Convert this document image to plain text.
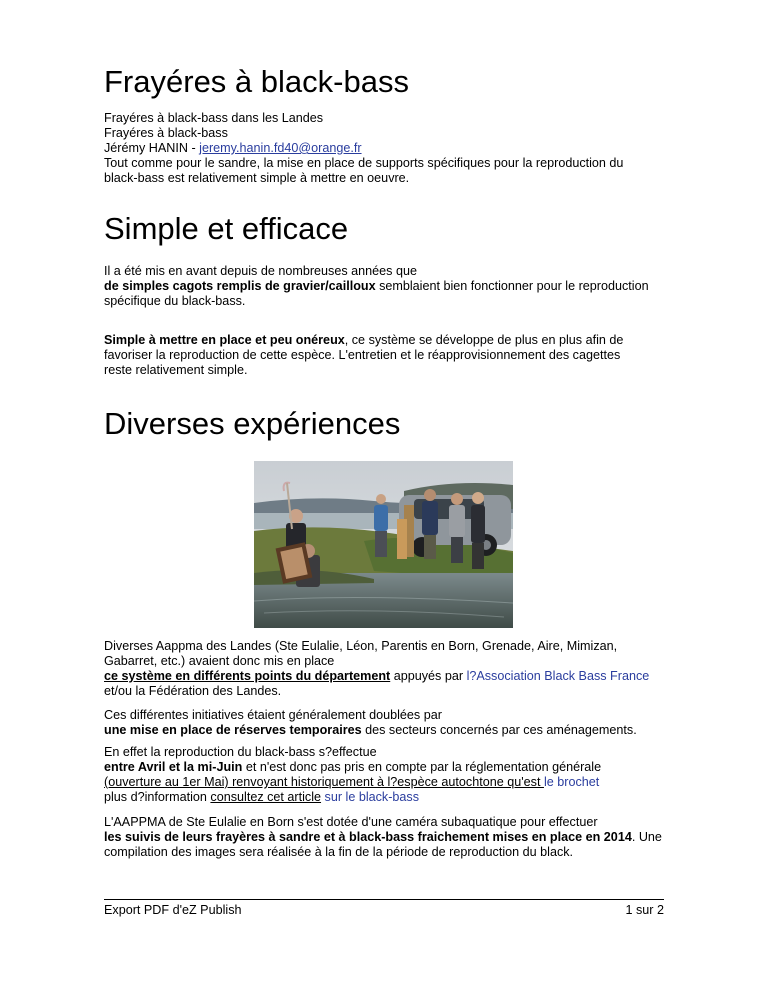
Frayéres à black-bass
Frayéres à black-bass dans les Landes
Frayéres à black-bass
Jérémy HANIN - jeremy.hanin.fd40@orange.fr
Tout comme pour le sandre, la mise en place de supports spécifiques pour la reproduction du
black-bass est relativement simple à mettre en oeuvre.
Simple et efficace
Il a été mis en avant depuis de nombreuses années que
de simples cagots remplis de gravier/cailloux semblaient bien fonctionner pour le reproduction
spécifique du black-bass.
Simple à mettre en place et peu onéreux, ce système se développe de plus en plus afin de
favoriser la reproduction de cette espèce. L'entretien et le réapprovisionnement des cagettes
reste relativement simple.
Diverses expériences
Diverses Aappma des Landes (Ste Eulalie, Léon, Parentis en Born, Grenade, Aire, Mimizan,
Gabarret, etc.) avaient donc mis en place
ce système en différents points du département appuyés par l?Association Black Bass France
et/ou la Fédération des Landes.
Ces différentes initiatives étaient généralement doublées par
une mise en place de réserves temporaires des secteurs concernés par ces aménagements.
En effet la reproduction du black-bass s?effectue
entre Avril et la mi-Juin et n'est donc pas pris en compte par la réglementation générale
(ouverture au 1er Mai) renvoyant historiquement à l?espèce autochtone qu'est le brochet
plus d?information consultez cet article sur le black-bass
L'AAPPMA de Ste Eulalie en Born s'est dotée d'une caméra subaquatique pour effectuer
les suivis de leurs frayères à sandre et à black-bass fraichement mises en place en 2014. Une
compilation des images sera réalisée à la fin de la période de reproduction du black.
Export PDF d'eZ Publish	1 sur 2
